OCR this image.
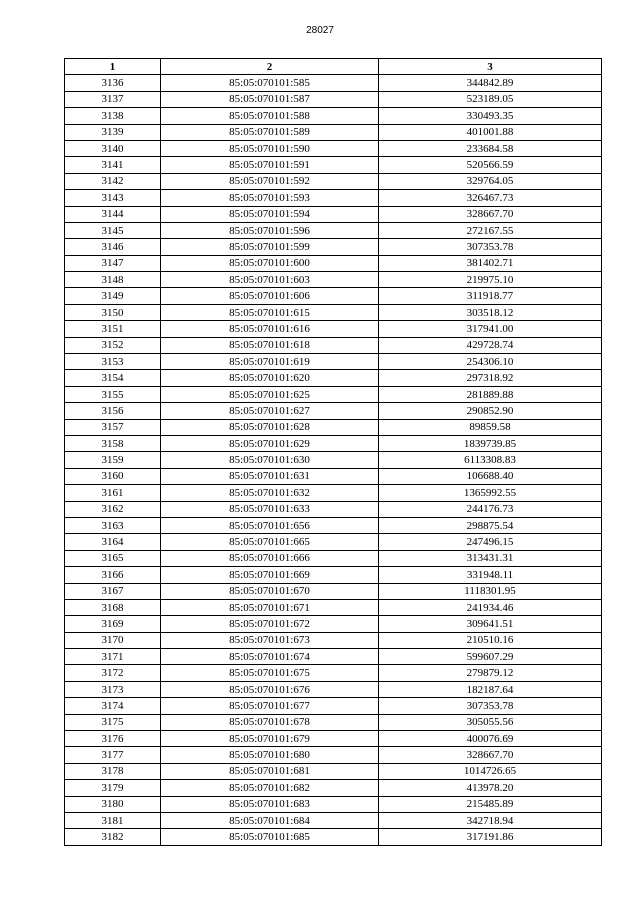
28027
1	2	3
3136	85:05:070101:585	344842.89
3137	85:05:070101:587	523189.05
3138	85:05:070101:588	330493.35
3139	85:05:070101:589	401001.88
3140	85:05:070101:590	233684.58
3141	85:05:070101:591	520566.59
3142	85:05:070101:592	329764.05
3143	85:05:070101:593	326467.73
3144	85:05:070101:594	328667.70
3145	85:05:070101:596	272167.55
3146	85:05:070101:599	307353.78
3147	85:05:070101:600	381402.71
3148	85:05:070101:603	219975.10
3149	85:05:070101:606	311918.77
3150	85:05:070101:615	303518.12
3151	85:05:070101:616	317941.00
3152	85:05:070101:618	429728.74
3153	85:05:070101:619	254306.10
3154	85:05:070101:620	297318.92
3155	85:05:070101:625	281889.88
3156	85:05:070101:627	290852.90
3157	85:05:070101:628	89859.58
3158	85:05:070101:629	1839739.85
3159	85:05:070101:630	6113308.83
3160	85:05:070101:631	106688.40
3161	85:05:070101:632	1365992.55
3162	85:05:070101:633	244176.73
3163	85:05:070101:656	298875.54
3164	85:05:070101:665	247496.15
3165	85:05:070101:666	313431.31
3166	85:05:070101:669	331948.11
3167	85:05:070101:670	1118301.95
3168	85:05:070101:671	241934.46
3169	85:05:070101:672	309641.51
3170	85:05:070101:673	210510.16
3171	85:05:070101:674	599607.29
3172	85:05:070101:675	279879.12
3173	85:05:070101:676	182187.64
3174	85:05:070101:677	307353.78
3175	85:05:070101:678	305055.56
3176	85:05:070101:679	400076.69
3177	85:05:070101:680	328667.70
3178	85:05:070101:681	1014726.65
3179	85:05:070101:682	413978.20
3180	85:05:070101:683	215485.89
3181	85:05:070101:684	342718.94
3182	85:05:070101:685	317191.86
